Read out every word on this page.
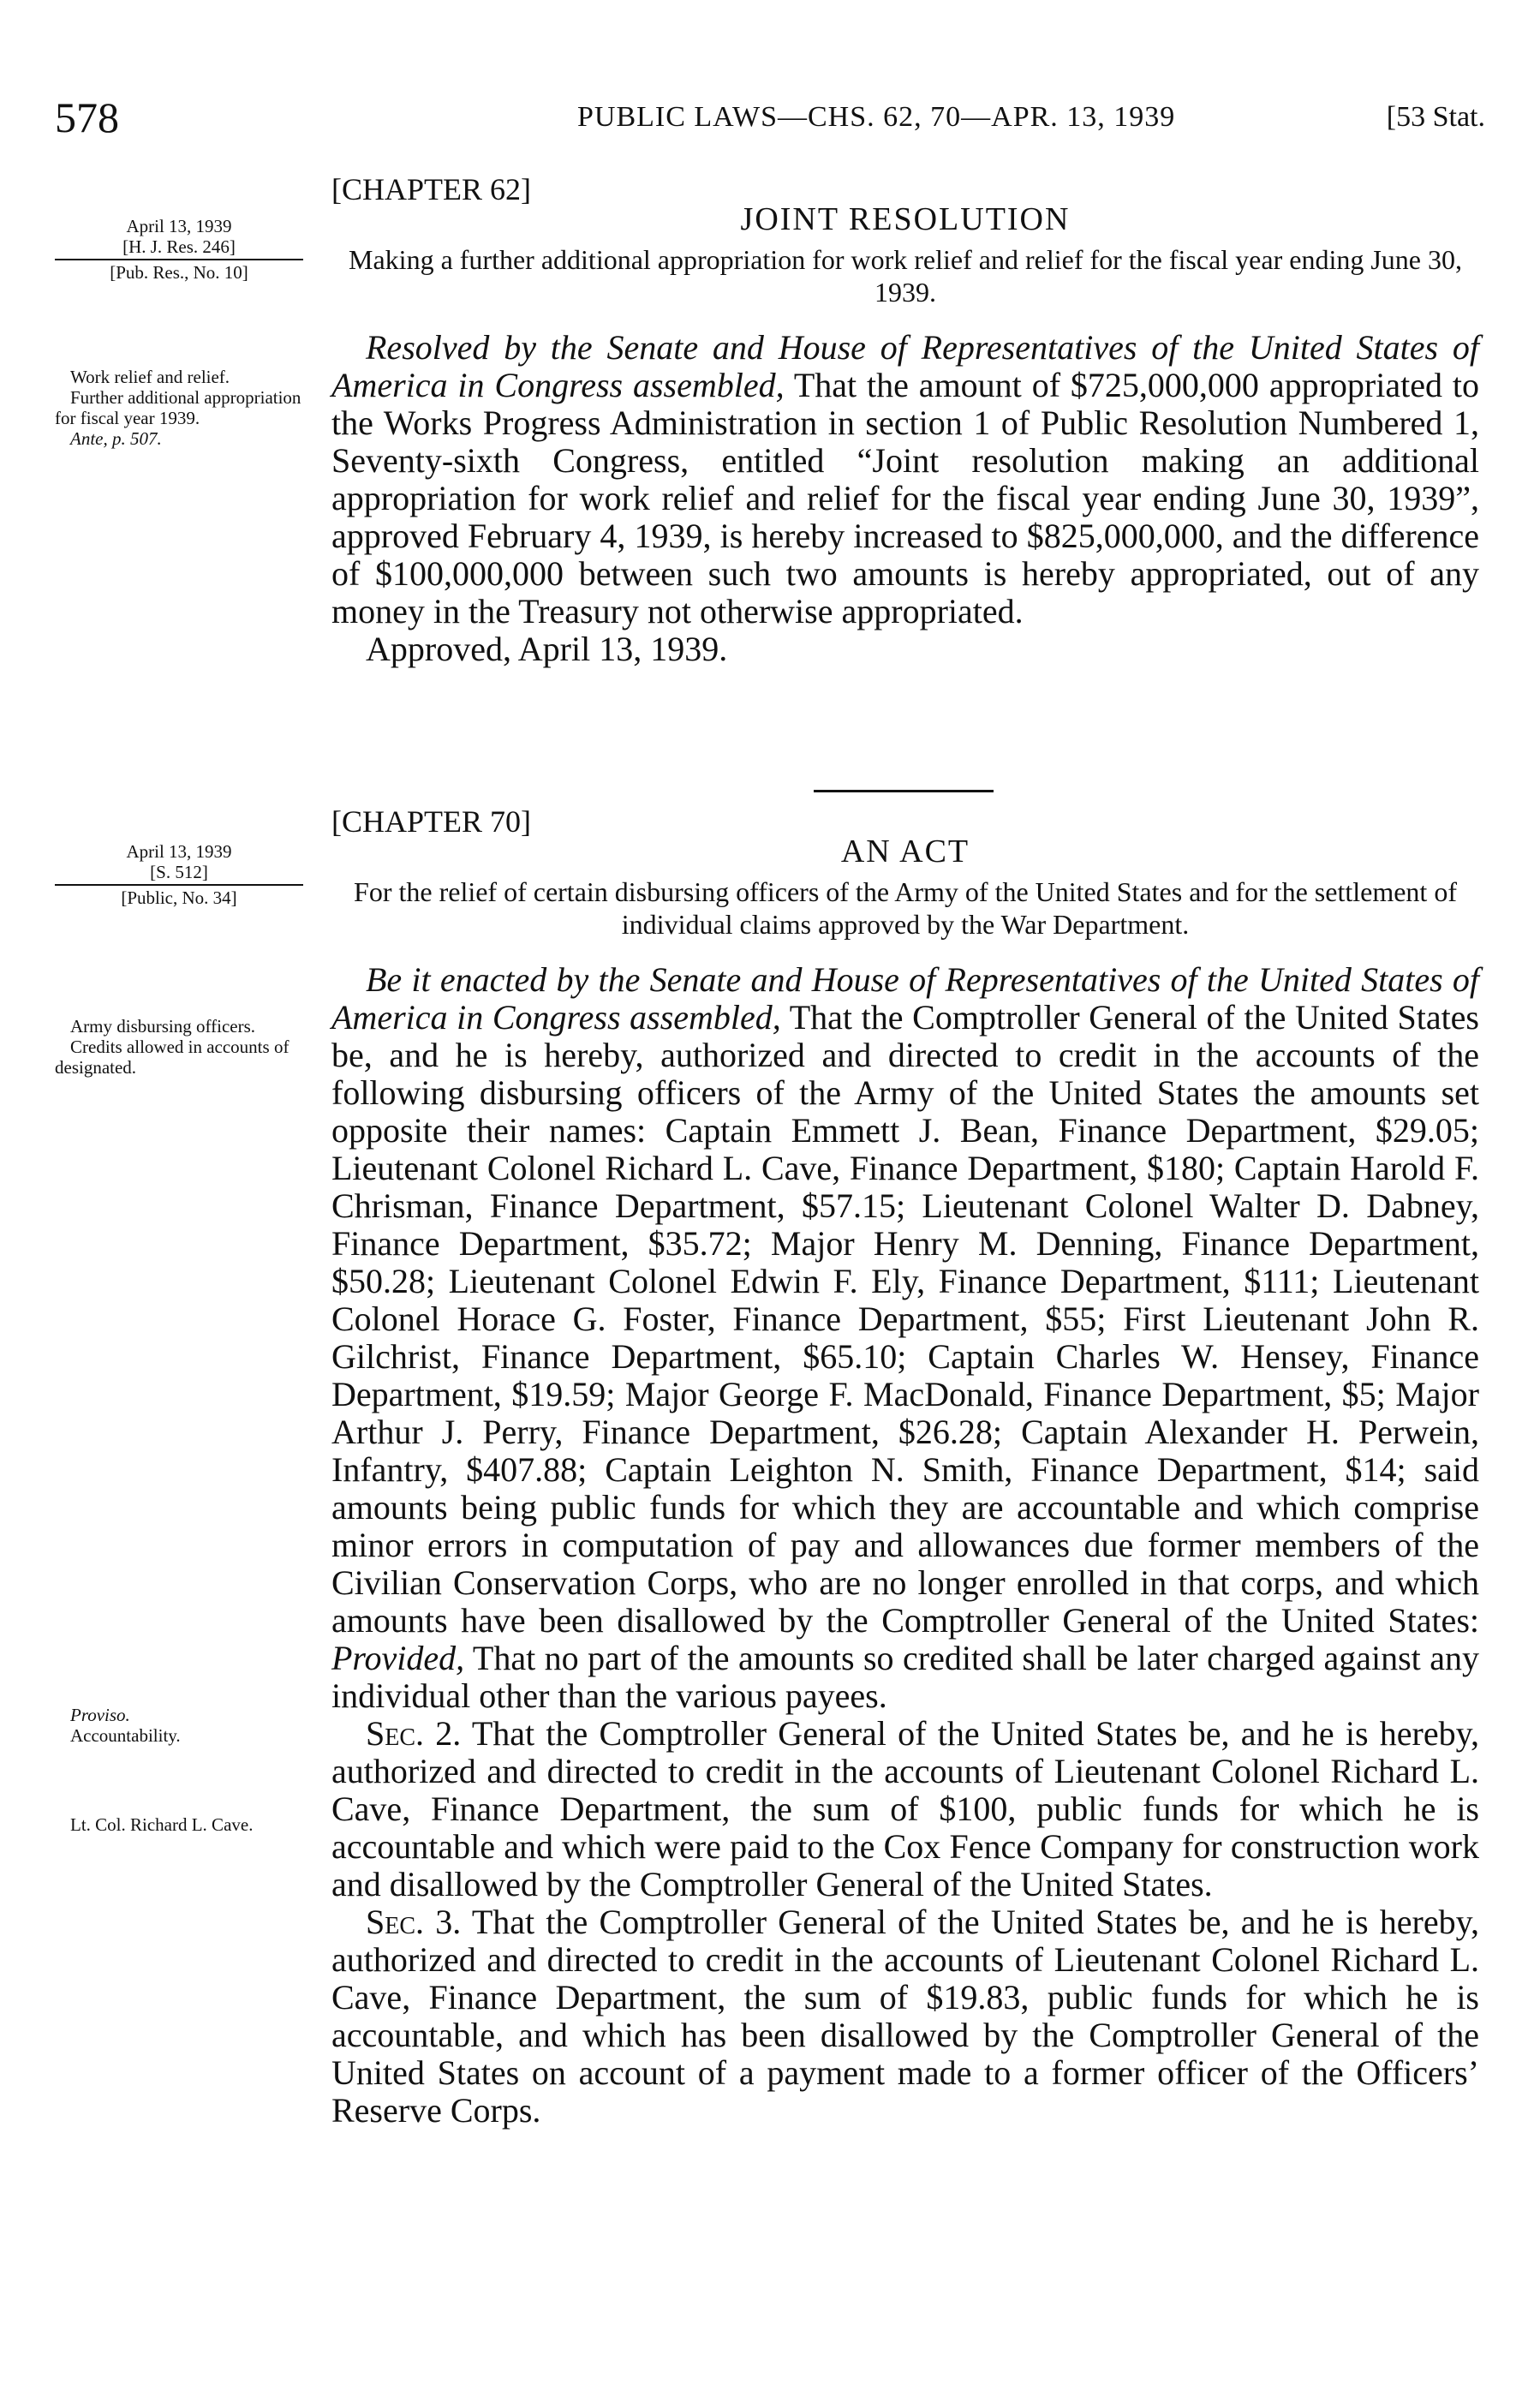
578	PUBLIC LAWS—CHS. 62, 70—APR. 13, 1939	[53 Stat.
April 13, 1939
[H. J. Res. 246]
[Pub. Res., No. 10]
Work relief and relief.
Further additional appropriation for fiscal year 1939.
Ante, p. 507.
[CHAPTER 62]
JOINT RESOLUTION
Making a further additional appropriation for work relief and relief for the fiscal year ending June 30, 1939.

Resolved by the Senate and House of Representatives of the United States of America in Congress assembled, That the amount of $725,000,000 appropriated to the Works Progress Administration in section 1 of Public Resolution Numbered 1, Seventy-sixth Congress, entitled “Joint resolution making an additional appropriation for work relief and relief for the fiscal year ending June 30, 1939”, approved February 4, 1939, is hereby increased to $825,000,000, and the difference of $100,000,000 between such two amounts is hereby appropriated, out of any money in the Treasury not otherwise appropriated.

Approved, April 13, 1939.

April 13, 1939
[S. 512]
[Public, No. 34]
Army disbursing officers.
Credits allowed in accounts of designated.
Proviso.
Accountability.
Lt. Col. Richard L. Cave.
[CHAPTER 70]
AN ACT
For the relief of certain disbursing officers of the Army of the United States and for the settlement of individual claims approved by the War Department.

Be it enacted by the Senate and House of Representatives of the United States of America in Congress assembled, That the Comptroller General of the United States be, and he is hereby, authorized and directed to credit in the accounts of the following disbursing officers of the Army of the United States the amounts set opposite their names: Captain Emmett J. Bean, Finance Department, $29.05; Lieutenant Colonel Richard L. Cave, Finance Department, $180; Captain Harold F. Chrisman, Finance Department, $57.15; Lieutenant Colonel Walter D. Dabney, Finance Department, $35.72; Major Henry M. Denning, Finance Department, $50.28; Lieutenant Colonel Edwin F. Ely, Finance Department, $111; Lieutenant Colonel Horace G. Foster, Finance Department, $55; First Lieutenant John R. Gilchrist, Finance Department, $65.10; Captain Charles W. Hensey, Finance Department, $19.59; Major George F. MacDonald, Finance Department, $5; Major Arthur J. Perry, Finance Department, $26.28; Captain Alexander H. Perwein, Infantry, $407.88; Captain Leighton N. Smith, Finance Department, $14; said amounts being public funds for which they are accountable and which comprise minor errors in computation of pay and allowances due former members of the Civilian Conservation Corps, who are no longer enrolled in that corps, and which amounts have been disallowed by the Comptroller General of the United States: Provided, That no part of the amounts so credited shall be later charged against any individual other than the various payees.

Sec. 2. That the Comptroller General of the United States be, and he is hereby, authorized and directed to credit in the accounts of Lieutenant Colonel Richard L. Cave, Finance Department, the sum of $100, public funds for which he is accountable and which were paid to the Cox Fence Company for construction work and disallowed by the Comptroller General of the United States.

Sec. 3. That the Comptroller General of the United States be, and he is hereby, authorized and directed to credit in the accounts of Lieutenant Colonel Richard L. Cave, Finance Department, the sum of $19.83, public funds for which he is accountable, and which has been disallowed by the Comptroller General of the United States on account of a payment made to a former officer of the Officers’ Reserve Corps.
